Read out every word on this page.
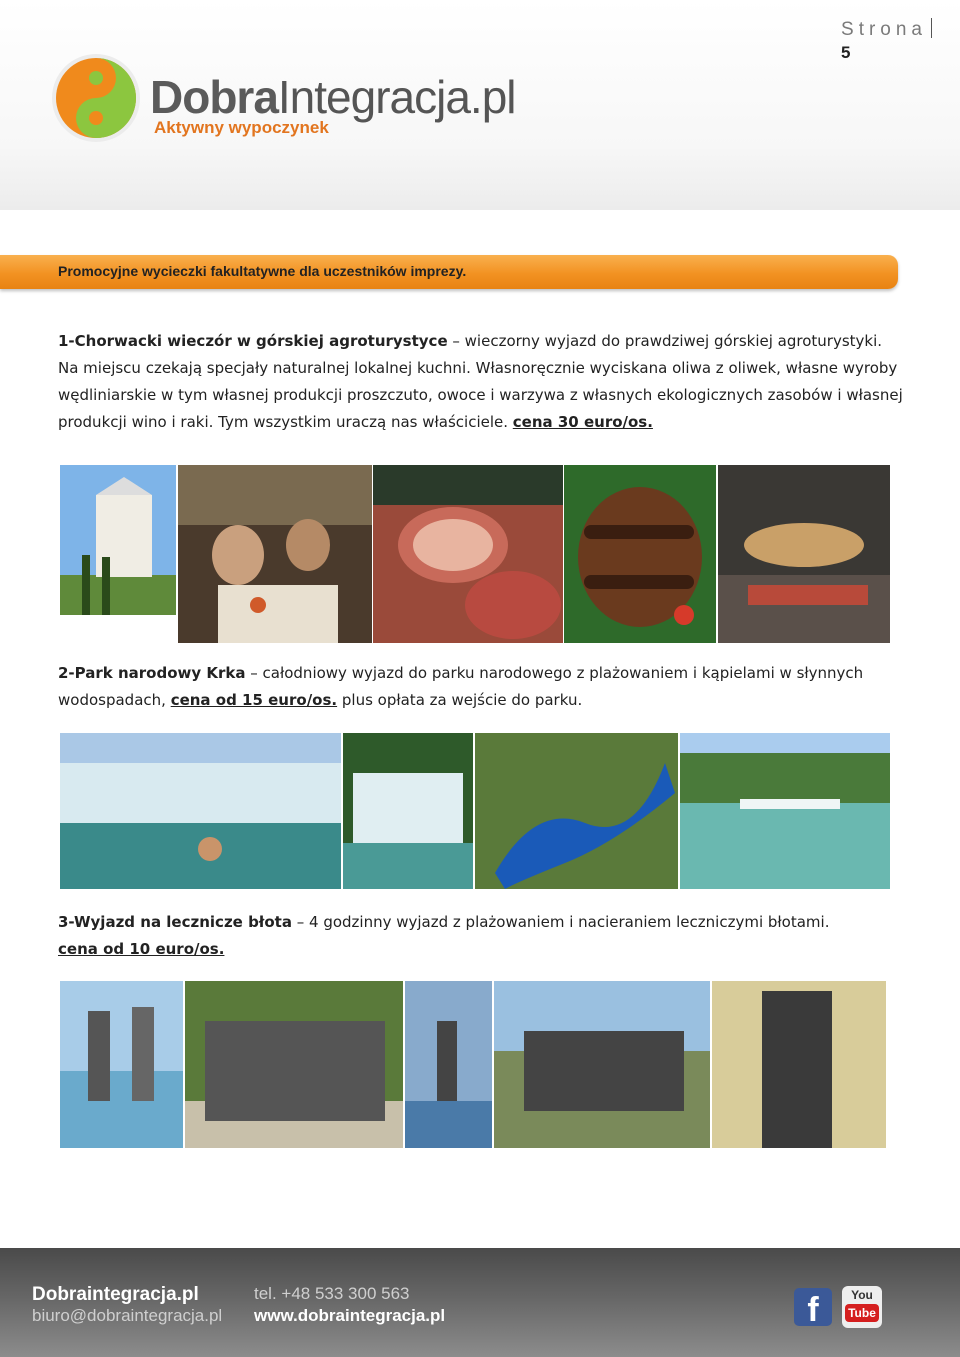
Strona
5
DobraIntegracja.pl
Aktywny wypoczynek
Promocyjne wycieczki fakultatywne dla uczestników imprezy.
1-Chorwacki wieczór w górskiej agroturystyce – wieczorny wyjazd do prawdziwej górskiej agroturystyki. Na miejscu czekają specjały naturalnej lokalnej kuchni. Własnoręcznie wyciskana oliwa z oliwek, własne wyroby wędliniarskie w tym własnej produkcji proszczuto, owoce i warzywa z własnych ekologicznych zasobów i własnej produkcji wino i raki. Tym wszystkim uraczą nas właściciele. cena 30 euro/os.
2-Park narodowy Krka – całodniowy wyjazd do parku narodowego z plażowaniem i kąpielami w słynnych wodospadach, cena od 15 euro/os. plus opłata za wejście do parku.
3-Wyjazd na lecznicze błota – 4 godzinny wyjazd z plażowaniem i nacieraniem leczniczymi błotami.
cena od 10 euro/os.
Dobraintegracja.pl
biuro@dobraintegracja.pl
tel. +48 533 300 563
www.dobraintegracja.pl	f	You
Tube
